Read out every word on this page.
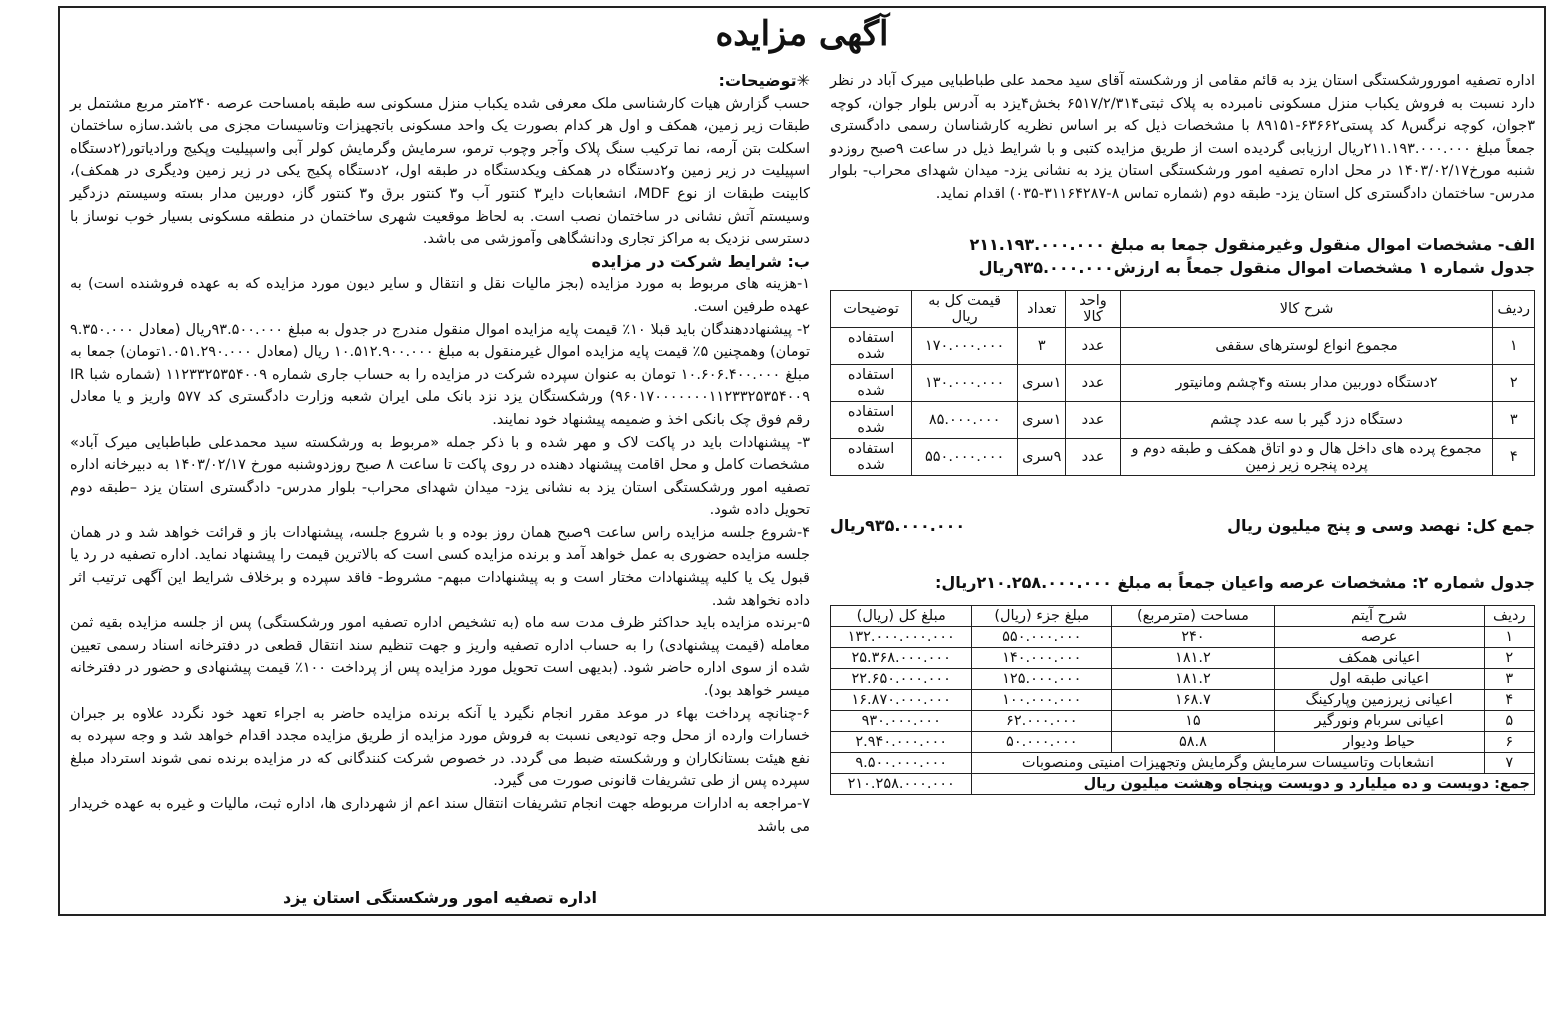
آگهی مزایده
اداره تصفیه امورورشکستگی استان یزد به قائم مقامی از ورشکسته آقای سید محمد علی طباطبایی میرک آباد در نظر دارد نسبت به فروش یکباب منزل مسکونی نامبرده به پلاک ثبتی۶۵۱۷/۲/۳۱۴ بخش۴یزد به آدرس بلوار جوان، کوچه ۳جوان، کوچه نرگس۸ کد پستی۶۳۶۶۲-۸۹۱۵۱ با مشخصات ذیل که بر اساس نظریه کارشناسان رسمی دادگستری جمعاً مبلغ ۲۱۱.۱۹۳.۰۰۰.۰۰۰ریال ارزیابی گردیده است از طریق مزایده کتبی و با شرایط ذیل در ساعت ۹صبح روزدو شنبه مورخ۱۴۰۳/۰۲/۱۷ در محل اداره تصفیه امور ورشکستگی استان یزد به نشانی یزد- میدان شهدای محراب- بلوار مدرس- ساختمان دادگستری کل استان یزد- طبقه دوم (شماره تماس ۸-۳۱۱۶۴۲۸۷-۰۳۵) اقدام نماید.
الف- مشخصات اموال منقول وغیرمنقول جمعا به مبلغ ۲۱۱.۱۹۳.۰۰۰.۰۰۰
جدول شماره ۱ مشخصات اموال منقول جمعاً به ارزش۹۳۵.۰۰۰.۰۰۰ریال
ردیف	شرح کالا	واحد کالا	تعداد	قیمت کل به ریال	توضیحات
۱	مجموع انواع لوسترهای سقفی	عدد	۳	۱۷۰.۰۰۰.۰۰۰	استفاده شده
۲	۲دستگاه دوربین مدار بسته و۴چشم ومانیتور	عدد	۱سری	۱۳۰.۰۰۰.۰۰۰	استفاده شده
۳	دستگاه دزد گیر با سه عدد چشم	عدد	۱سری	۸۵.۰۰۰.۰۰۰	استفاده شده
۴	مجموع پرده های داخل هال و دو اتاق همکف و طبقه دوم و پرده پنجره زیر زمین	عدد	۹سری	۵۵۰.۰۰۰.۰۰۰	استفاده شده
جمع کل: نهصد وسی و پنج میلیون ریال
۹۳۵.۰۰۰.۰۰۰ریال
جدول شماره ۲: مشخصات عرصه واعیان جمعاً به مبلغ ۲۱۰.۲۵۸.۰۰۰.۰۰۰ریال:
ردیف	شرح آیتم	مساحت (مترمربع)	مبلغ جزء (ریال)	مبلغ کل (ریال)
۱	عرصه	۲۴۰	۵۵۰.۰۰۰.۰۰۰	۱۳۲.۰۰۰.۰۰۰.۰۰۰
۲	اعیانی همکف	۱۸۱.۲	۱۴۰.۰۰۰.۰۰۰	۲۵.۳۶۸.۰۰۰.۰۰۰
۳	اعیانی طبقه اول	۱۸۱.۲	۱۲۵.۰۰۰.۰۰۰	۲۲.۶۵۰.۰۰۰.۰۰۰
۴	اعیانی زیرزمین وپارکینگ	۱۶۸.۷	۱۰۰.۰۰۰.۰۰۰	۱۶.۸۷۰.۰۰۰.۰۰۰
۵	اعیانی سربام ونورگیر	۱۵	۶۲.۰۰۰.۰۰۰	۹۳۰.۰۰۰.۰۰۰
۶	حیاط ودیوار	۵۸.۸	۵۰.۰۰۰.۰۰۰	۲.۹۴۰.۰۰۰.۰۰۰
۷	انشعابات وتاسیسات سرمایش وگرمایش وتجهیزات امنیتی ومنصوبات			۹.۵۰۰.۰۰۰.۰۰۰
جمع: دویست و ده میلیارد و دویست وپنجاه وهشت میلیون ریال				۲۱۰.۲۵۸.۰۰۰.۰۰۰
✳توضیحات:
حسب گزارش هیات کارشناسی ملک معرفی شده یکباب منزل مسکونی سه طبقه بامساحت عرصه ۲۴۰متر مربع مشتمل بر طبقات زیر زمین، همکف و اول هر کدام بصورت یک واحد مسکونی باتجهیزات وتاسیسات مجزی می باشد.سازه ساختمان اسکلت بتن آرمه، نما ترکیب سنگ پلاک وآجر وچوب ترمو، سرمایش وگرمایش کولر آبی واسپیلیت وپکیج ورادیاتور(۲دستگاه اسپیلیت در زیر زمین و۲دستگاه در همکف ویکدستگاه در طبقه اول، ۲دستگاه پکیج یکی در زیر زمین ودیگری در همکف)، کابینت طبقات از نوع MDF، انشعابات دایر۳ کنتور آب و۳ کنتور برق و۳ کنتور گاز، دوربین مدار بسته وسیستم دزدگیر وسیستم آتش نشانی در ساختمان نصب است. به لحاظ موقعیت شهری ساختمان در منطقه مسکونی بسیار خوب نوساز با دسترسی نزدیک به مراکز تجاری ودانشگاهی وآموزشی می باشد.
ب: شرایط شرکت در مزایده
۱-هزینه های مربوط به مورد مزایده (بجز مالیات نقل و انتقال و سایر دیون مورد مزایده که به عهده فروشنده است) به عهده طرفین است.
۲- پیشنهاددهندگان باید قبلا ۱۰٪ قیمت پایه مزایده اموال منقول مندرج در جدول به مبلغ ۹۳.۵۰۰.۰۰۰ریال (معادل ۹.۳۵۰.۰۰۰ تومان) وهمچنین ۵٪ قیمت پایه مزایده اموال غیرمنقول به مبلغ ۱۰.۵۱۲.۹۰۰.۰۰۰ ریال (معادل ۱.۰۵۱.۲۹۰.۰۰۰تومان) جمعا به مبلغ ۱۰.۶۰۶.۴۰۰.۰۰۰ تومان به عنوان سپرده شرکت در مزایده را به حساب جاری شماره ۱۱۲۳۳۲۵۳۵۴۰۰۹ (شماره شبا IR ۹۶۰۱۷۰۰۰۰۰۰۰۱۱۲۳۳۲۵۳۵۴۰۰۹) ورشکستگان یزد نزد بانک ملی ایران شعبه وزارت دادگستری کد ۵۷۷ واریز و یا معادل رقم فوق چک بانکی اخذ و ضمیمه پیشنهاد خود نمایند.
۳- پیشنهادات باید در پاکت لاک و مهر شده و با ذکر جمله «مربوط به ورشکسته سید محمدعلی طباطبایی میرک آباد» مشخصات کامل و محل اقامت پیشنهاد دهنده در روی پاکت تا ساعت ۸ صبح روزدوشنبه مورخ ۱۴۰۳/۰۲/۱۷ به دبیرخانه اداره تصفیه امور ورشکستگی استان یزد به نشانی یزد- میدان شهدای محراب- بلوار مدرس- دادگستری استان یزد –طبقه دوم تحویل داده شود.
۴-شروع جلسه مزایده راس ساعت ۹صبح همان روز بوده و با شروع جلسه، پیشنهادات باز و قرائت خواهد شد و در همان جلسه مزایده حضوری به عمل خواهد آمد و برنده مزایده کسی است که بالاترین قیمت را پیشنهاد نماید. اداره تصفیه در رد یا قبول یک یا کلیه پیشنهادات مختار است و به پیشنهادات مبهم- مشروط- فاقد سپرده و برخلاف شرایط این آگهی ترتیب اثر داده نخواهد شد.
۵-برنده مزایده باید حداکثر ظرف مدت سه ماه (به تشخیص اداره تصفیه امور ورشکستگی) پس از جلسه مزایده بقیه ثمن معامله (قیمت پیشنهادی) را به حساب اداره تصفیه واریز و جهت تنظیم سند انتقال قطعی در دفترخانه اسناد رسمی تعیین شده از سوی اداره حاضر شود. (بدیهی است تحویل مورد مزایده پس از پرداخت ۱۰۰٪ قیمت پیشنهادی و حضور در دفترخانه میسر خواهد بود).
۶-چنانچه پرداخت بهاء در موعد مقرر انجام نگیرد یا آنکه برنده مزایده حاضر به اجراء تعهد خود نگردد علاوه بر جبران خسارات وارده از محل وجه تودیعی نسبت به فروش مورد مزایده از طریق مزایده مجدد اقدام خواهد شد و وجه سپرده به نفع هیئت بستانکاران و ورشکسته ضبط می گردد. در خصوص شرکت کنندگانی که در مزایده برنده نمی شوند استرداد مبلغ سپرده پس از طی تشریفات قانونی صورت می گیرد.
۷-مراجعه به ادارات مربوطه جهت انجام تشریفات انتقال سند اعم از شهرداری ها، اداره ثبت، مالیات و غیره به عهده خریدار می باشد
اداره تصفیه امور ورشکستگی استان یزد
